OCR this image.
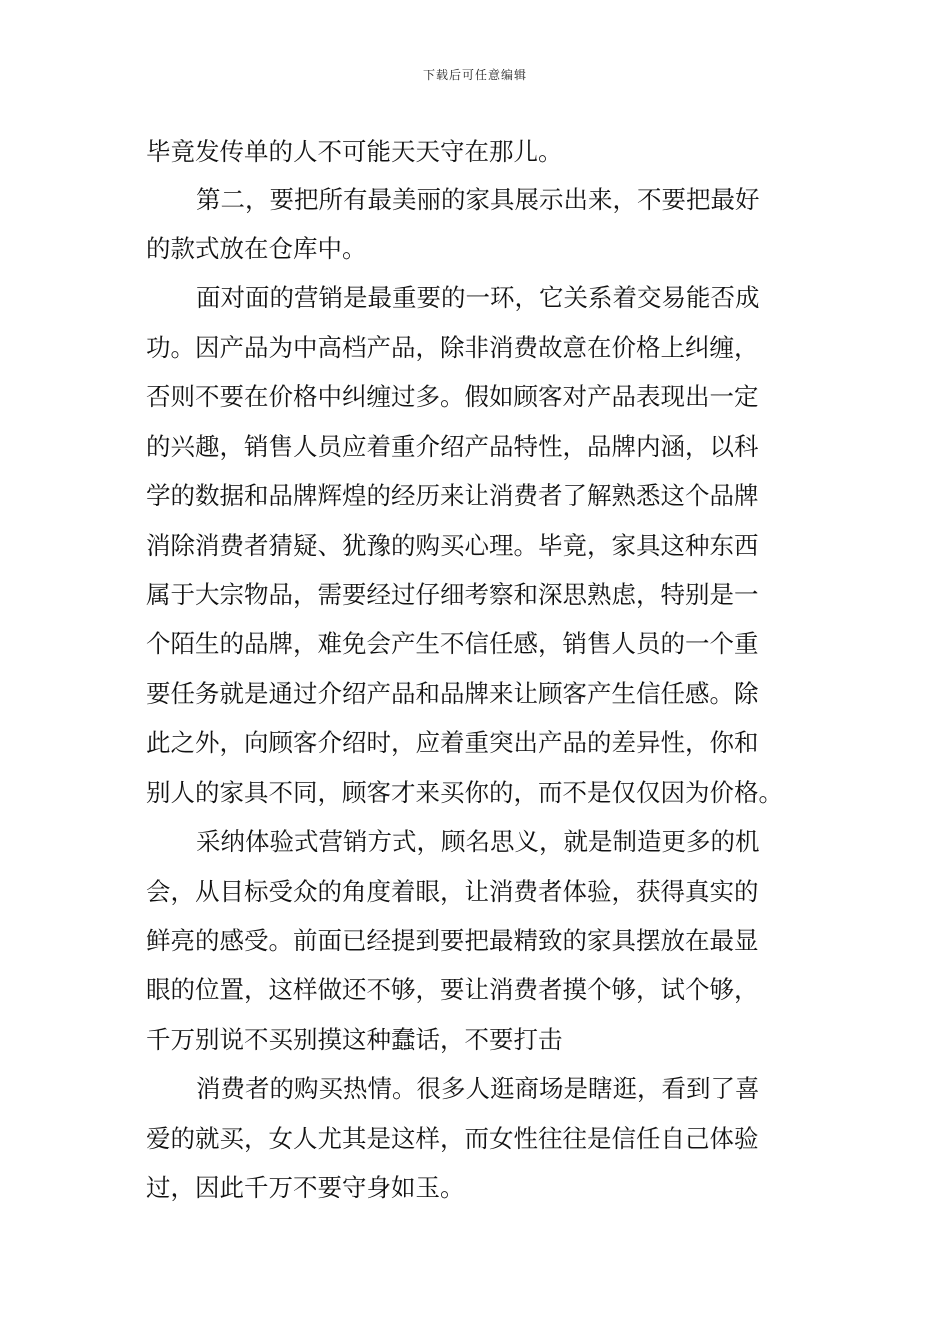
下载后可任意编辑
毕竟发传单的人不可能天天守在那儿。
第二，要把所有最美丽的家具展示出来，不要把最好
的款式放在仓库中。
面对面的营销是最重要的一环，它关系着交易能否成
功。因产品为中高档产品，除非消费故意在价格上纠缠，
否则不要在价格中纠缠过多。假如顾客对产品表现出一定
的兴趣，销售人员应着重介绍产品特性，品牌内涵，以科
学的数据和品牌辉煌的经历来让消费者了解熟悉这个品牌
消除消费者猜疑、犹豫的购买心理。毕竟，家具这种东西
属于大宗物品，需要经过仔细考察和深思熟虑，特别是一
个陌生的品牌，难免会产生不信任感，销售人员的一个重
要任务就是通过介绍产品和品牌来让顾客产生信任感。除
此之外，向顾客介绍时，应着重突出产品的差异性，你和
别人的家具不同，顾客才来买你的，而不是仅仅因为价格。
采纳体验式营销方式，顾名思义，就是制造更多的机
会，从目标受众的角度着眼，让消费者体验，获得真实的
鲜亮的感受。前面已经提到要把最精致的家具摆放在最显
眼的位置，这样做还不够，要让消费者摸个够，试个够，
千万别说不买别摸这种蠢话，不要打击
消费者的购买热情。很多人逛商场是瞎逛，看到了喜
爱的就买，女人尤其是这样，而女性往往是信任自己体验
过，因此千万不要守身如玉。
